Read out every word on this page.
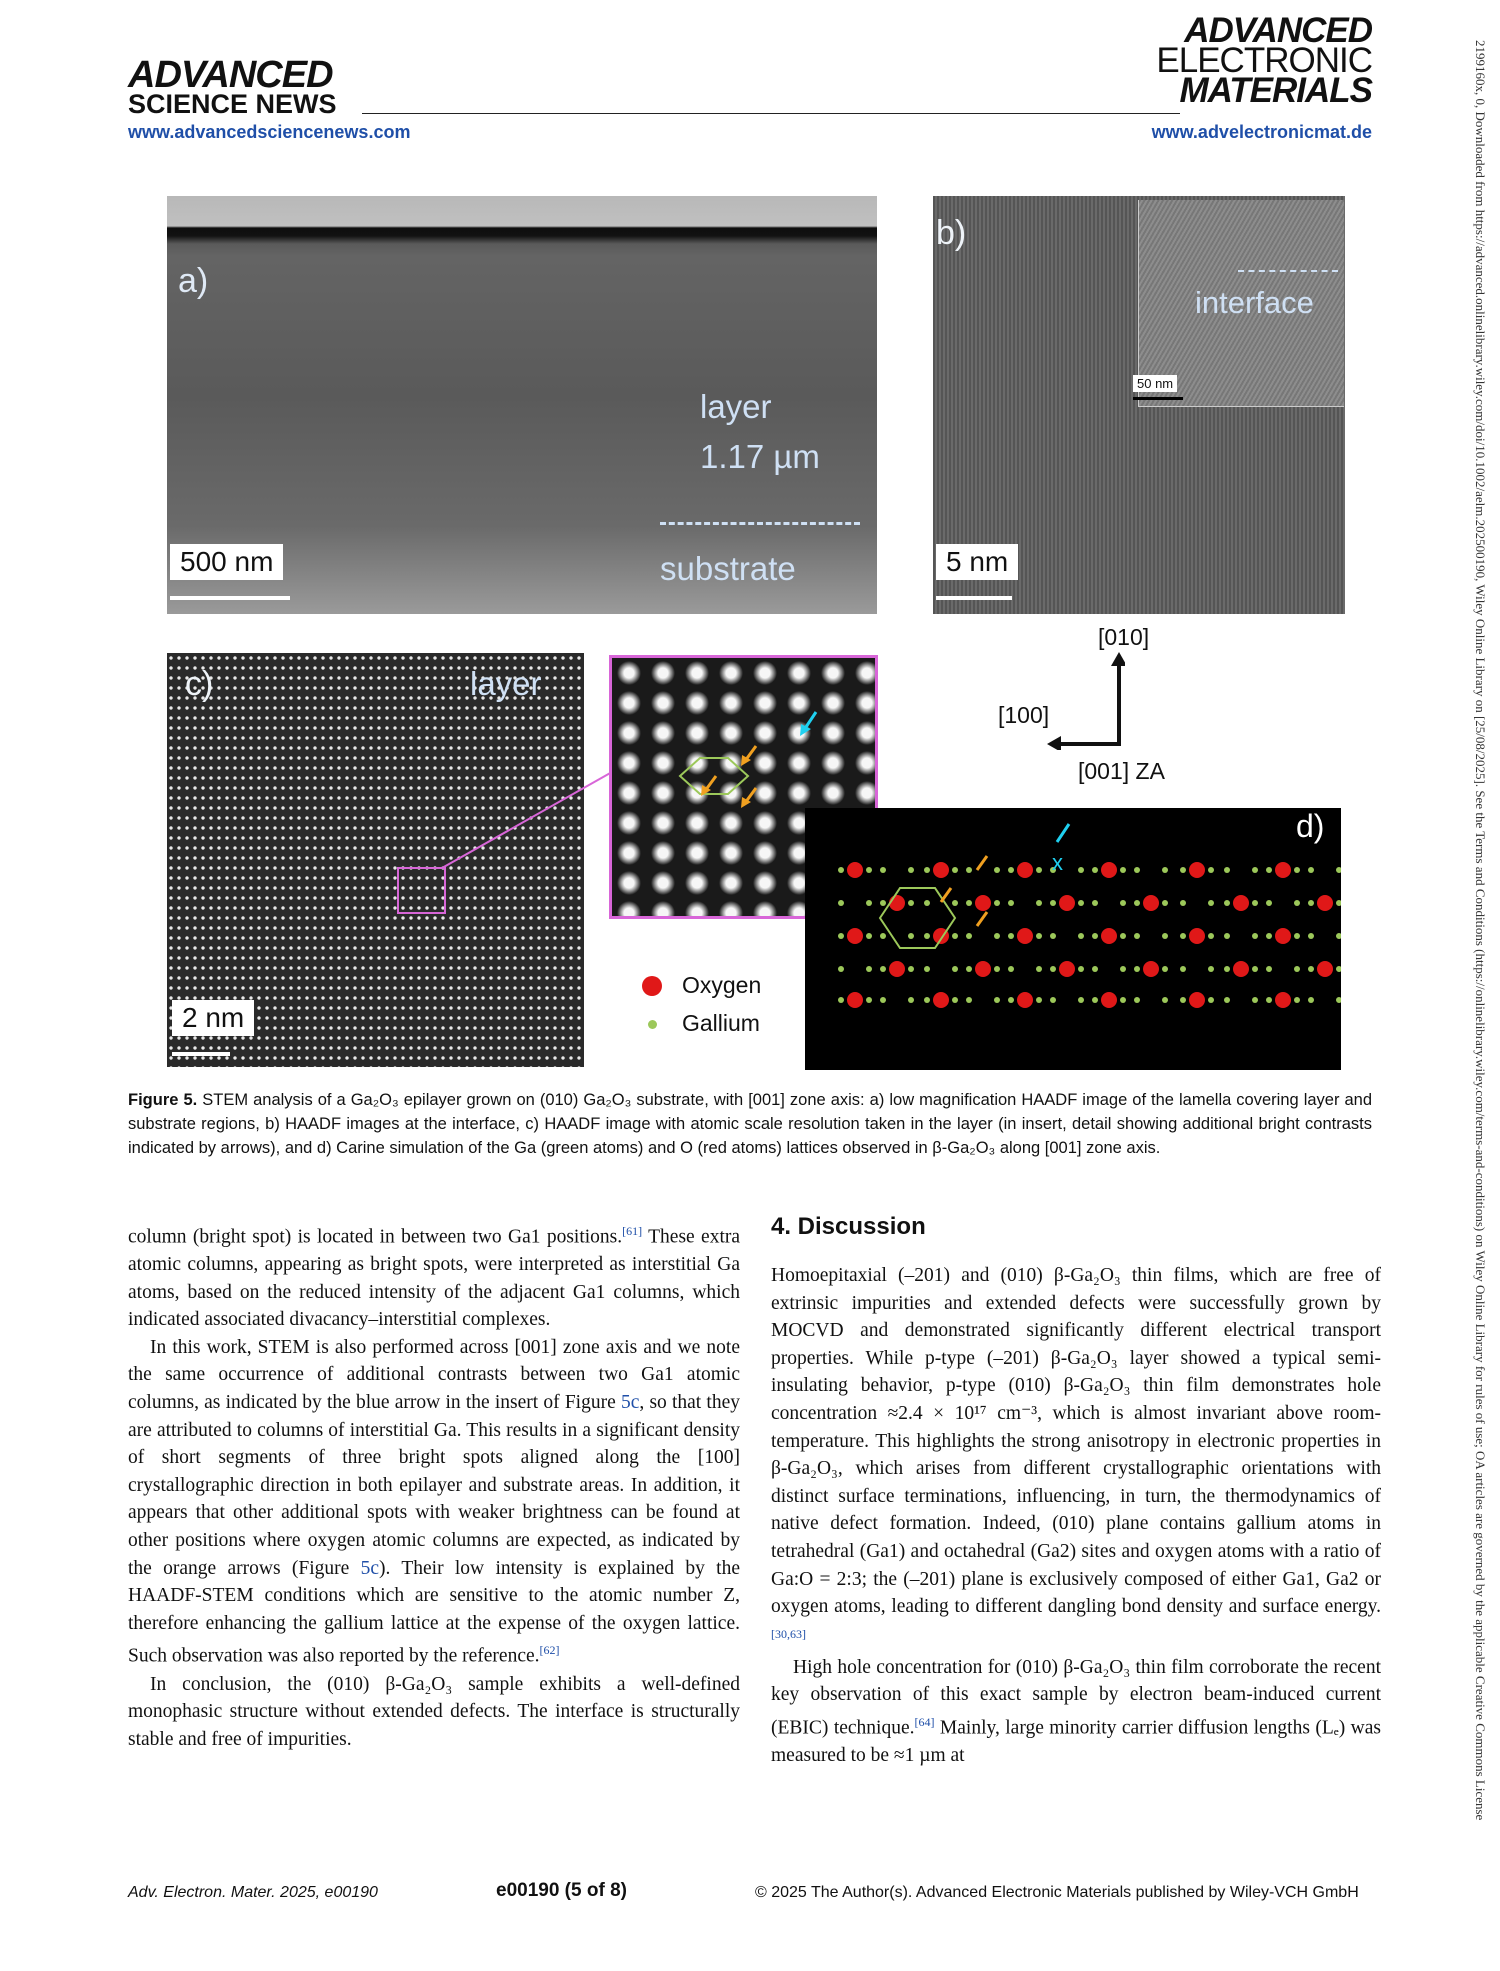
ADVANCED
SCIENCE NEWS
ADVANCED
ELECTRONIC
MATERIALS
www.advancedsciencenews.com	www.advelectronicmat.de	2199160x, 0, Downloaded from https://advanced.onlinelibrary.wiley.com/doi/10.1002/aelm.202500190, Wiley Online Library on [25/08/2025]. See the Terms and Conditions (https://onlinelibrary.wiley.com/terms-and-conditions) on Wiley Online Library for rules of use; OA articles are governed by the applicable Creative Commons License
a)
layer
1.17 µm
substrate
500 nm
b)
interface
50 nm
5 nm
c)	layer
2 nm
[010]
[100]
[001] ZA
d)
x
Oxygen
Gallium
Figure 5. STEM analysis of a Ga₂O₃ epilayer grown on (010) Ga₂O₃ substrate, with [001] zone axis: a) low magnification HAADF image of the lamella covering layer and substrate regions, b) HAADF images at the interface, c) HAADF image with atomic scale resolution taken in the layer (in insert, detail showing additional bright contrasts indicated by arrows), and d) Carine simulation of the Ga (green atoms) and O (red atoms) lattices observed in β-Ga₂O₃ along [001] zone axis.

column (bright spot) is located in between two Ga1 positions.[61] These extra atomic columns, appearing as bright spots, were interpreted as interstitial Ga atoms, based on the reduced intensity of the adjacent Ga1 columns, which indicated associated divacancy–interstitial complexes.

In this work, STEM is also performed across [001] zone axis and we note the same occurrence of additional contrasts between two Ga1 atomic columns, as indicated by the blue arrow in the insert of Figure 5c, so that they are attributed to columns of interstitial Ga. This results in a significant density of short segments of three bright spots aligned along the [100] crystallographic direction in both epilayer and substrate areas. In addition, it appears that other additional spots with weaker brightness can be found at other positions where oxygen atomic columns are expected, as indicated by the orange arrows (Figure 5c). Their low intensity is explained by the HAADF-STEM conditions which are sensitive to the atomic number Z, therefore enhancing the gallium lattice at the expense of the oxygen lattice. Such observation was also reported by the reference.[62]

In conclusion, the (010) β-Ga₂O₃ sample exhibits a well-defined monophasic structure without extended defects. The interface is structurally stable and free of impurities.

4. Discussion

Homoepitaxial (–201) and (010) β-Ga₂O₃ thin films, which are free of extrinsic impurities and extended defects were successfully grown by MOCVD and demonstrated significantly different electrical transport properties. While p-type (–201) β-Ga₂O₃ layer showed a typical semi-insulating behavior, p-type (010) β-Ga₂O₃ thin film demonstrates hole concentration ≈2.4 × 10¹⁷ cm⁻³, which is almost invariant above room-temperature. This highlights the strong anisotropy in electronic properties in β-Ga₂O₃, which arises from different crystallographic orientations with distinct surface terminations, influencing, in turn, the thermodynamics of native defect formation. Indeed, (010) plane contains gallium atoms in tetrahedral (Ga1) and octahedral (Ga2) sites and oxygen atoms with a ratio of Ga:O = 2:3; the (–201) plane is exclusively composed of either Ga1, Ga2 or oxygen atoms, leading to different dangling bond density and surface energy.[30,63]

High hole concentration for (010) β-Ga₂O₃ thin film corroborate the recent key observation of this exact sample by electron beam-induced current (EBIC) technique.[64] Mainly, large minority carrier diffusion lengths (Lₑ) was measured to be ≈1 µm at

Adv. Electron. Mater. 2025, e00190	e00190 (5 of 8)	© 2025 The Author(s). Advanced Electronic Materials published by Wiley-VCH GmbH
